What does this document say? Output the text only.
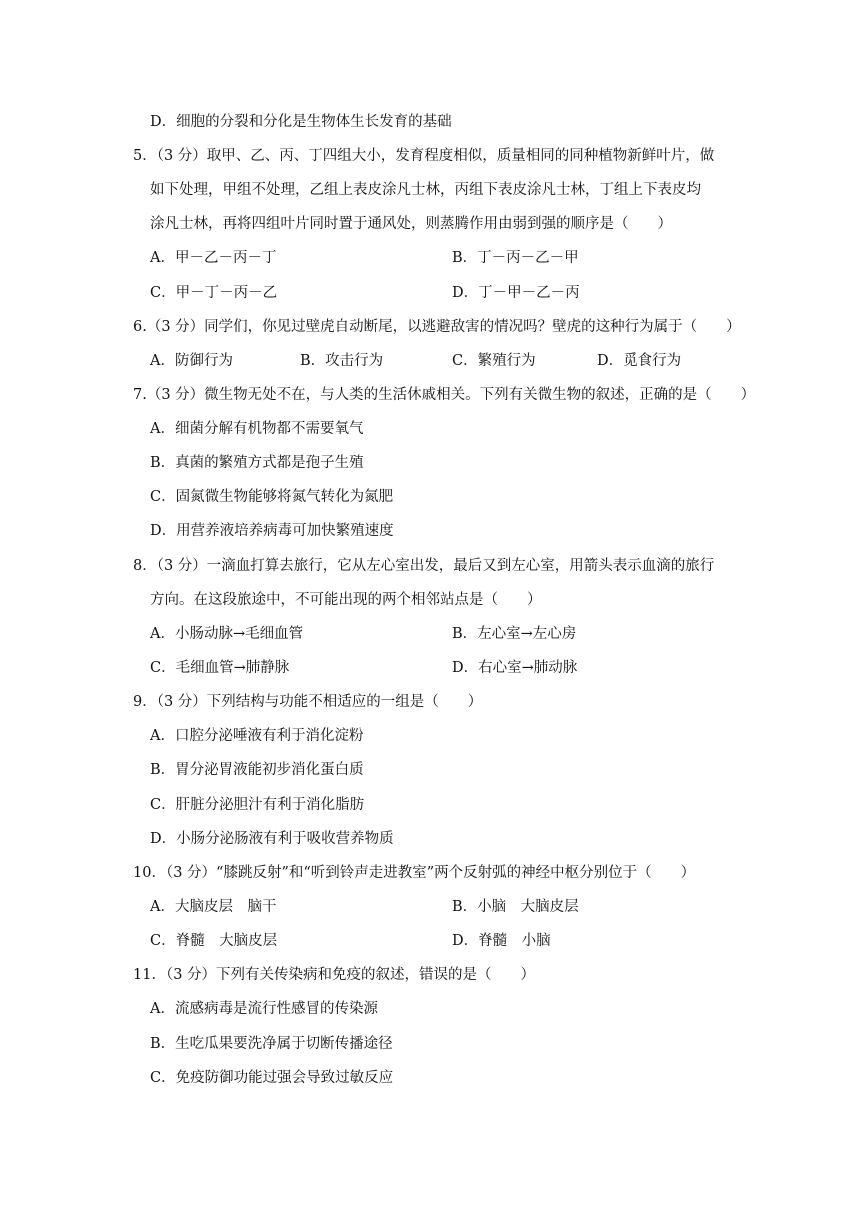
D．细胞的分裂和分化是生物体生长发育的基础
5．（3 分）取甲、乙、丙、丁四组大小，发育程度相似，质量相同的同种植物新鲜叶片，做
如下处理，甲组不处理，乙组上表皮涂凡士林，丙组下表皮涂凡士林，丁组上下表皮均
涂凡士林，再将四组叶片同时置于通风处，则蒸腾作用由弱到强的顺序是（　　）
A．甲－乙－丙－丁	B．丁－丙－乙－甲
C．甲－丁－丙－乙	D．丁－甲－乙－丙
6.（3 分）同学们，你见过壁虎自动断尾，以逃避敌害的情况吗？壁虎的这种行为属于（　　）
A．防御行为	B．攻击行为	C．繁殖行为	D．觅食行为
7.（3 分）微生物无处不在，与人类的生活休戚相关。下列有关微生物的叙述，正确的是（　　）
A．细菌分解有机物都不需要氧气
B．真菌的繁殖方式都是孢子生殖
C．固氮微生物能够将氮气转化为氮肥
D．用营养液培养病毒可加快繁殖速度
8．（3 分）一滴血打算去旅行，它从左心室出发，最后又到左心室，用箭头表示血滴的旅行
方向。在这段旅途中，不可能出现的两个相邻站点是（　　）
A．小肠动脉→毛细血管	B．左心室→左心房
C．毛细血管→肺静脉	D．右心室→肺动脉
9．（3 分）下列结构与功能不相适应的一组是（　　）
A．口腔分泌唾液有利于消化淀粉
B．胃分泌胃液能初步消化蛋白质
C．肝脏分泌胆汁有利于消化脂肪
D．小肠分泌肠液有利于吸收营养物质
10．（3 分）“膝跳反射”和“听到铃声走进教室”两个反射弧的神经中枢分别位于（　　）
A．大脑皮层　脑干	B．小脑　大脑皮层
C．脊髓　大脑皮层	D．脊髓　小脑
11．（3 分）下列有关传染病和免疫的叙述，错误的是（　　）
A．流感病毒是流行性感冒的传染源
B．生吃瓜果要洗净属于切断传播途径
C．免疫防御功能过强会导致过敏反应
